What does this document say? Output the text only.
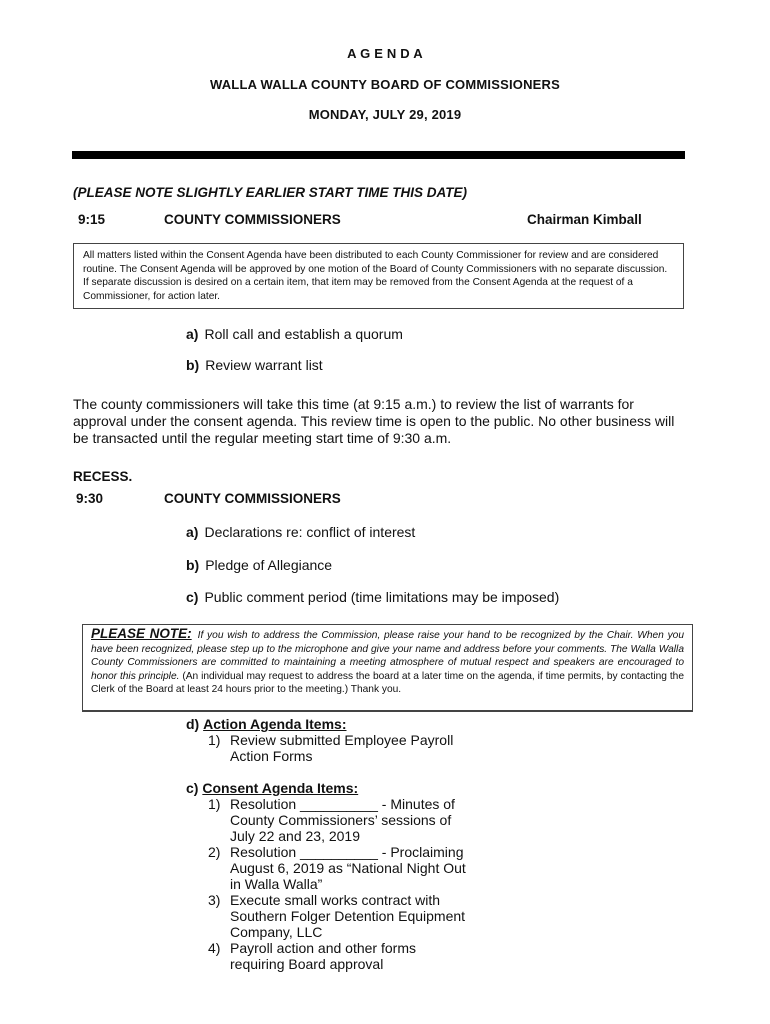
A G E N D A
WALLA WALLA COUNTY BOARD OF COMMISSIONERS
MONDAY, JULY 29, 2019
(PLEASE NOTE SLIGHTLY EARLIER START TIME THIS DATE)
9:15	COUNTY COMMISSIONERS	Chairman Kimball
All matters listed within the Consent Agenda have been distributed to each County Commissioner for review and are considered routine. The Consent Agenda will be approved by one motion of the Board of County Commissioners with no separate discussion. If separate discussion is desired on a certain item, that item may be removed from the Consent Agenda at the request of a Commissioner, for action later.
a) Roll call and establish a quorum
b) Review warrant list
The county commissioners will take this time (at 9:15 a.m.) to review the list of warrants for approval under the consent agenda. This review time is open to the public. No other business will be transacted until the regular meeting start time of 9:30 a.m.
RECESS.
9:30	COUNTY COMMISSIONERS
a) Declarations re: conflict of interest
b) Pledge of Allegiance
c) Public comment period (time limitations may be imposed)
PLEASE NOTE: If you wish to address the Commission, please raise your hand to be recognized by the Chair. When you have been recognized, please step up to the microphone and give your name and address before your comments. The Walla Walla County Commissioners are committed to maintaining a meeting atmosphere of mutual respect and speakers are encouraged to honor this principle. (An individual may request to address the board at a later time on the agenda, if time permits, by contacting the Clerk of the Board at least 24 hours prior to the meeting.) Thank you.
d) Action Agenda Items:
1) Review submitted Employee Payroll Action Forms
c) Consent Agenda Items:
1) Resolution __________ - Minutes of County Commissioners’ sessions of July 22 and 23, 2019
2) Resolution __________ - Proclaiming August 6, 2019 as “National Night Out in Walla Walla”
3) Execute small works contract with Southern Folger Detention Equipment Company, LLC
4) Payroll action and other forms requiring Board approval
